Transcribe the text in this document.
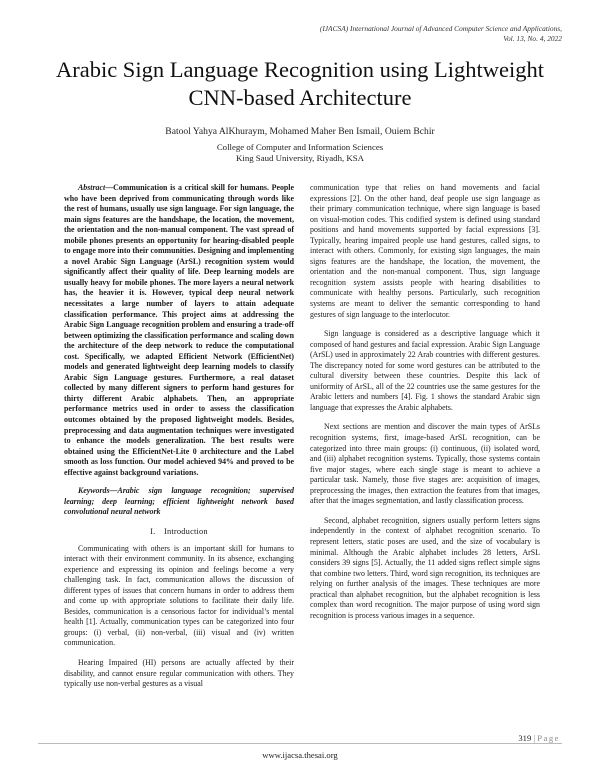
(IJACSA) International Journal of Advanced Computer Science and Applications,
Vol. 13, No. 4, 2022
Arabic Sign Language Recognition using Lightweight
CNN-based Architecture
Batool Yahya AlKhuraym, Mohamed Maher Ben Ismail, Ouiem Bchir
College of Computer and Information Sciences
King Saud University, Riyadh, KSA

Abstract—Communication is a critical skill for humans. People who have been deprived from communicating through words like the rest of humans, usually use sign language. For sign language, the main signs features are the handshape, the location, the movement, the orientation and the non-manual component. The vast spread of mobile phones presents an opportunity for hearing-disabled people to engage more into their communities. Designing and implementing a novel Arabic Sign Language (ArSL) recognition system would significantly affect their quality of life. Deep learning models are usually heavy for mobile phones. The more layers a neural network has, the heavier it is. However, typical deep neural network necessitates a large number of layers to attain adequate classification performance. This project aims at addressing the Arabic Sign Language recognition problem and ensuring a trade-off between optimizing the classification performance and scaling down the architecture of the deep network to reduce the computational cost. Specifically, we adapted Efficient Network (EfficientNet) models and generated lightweight deep learning models to classify Arabic Sign Language gestures. Furthermore, a real dataset collected by many different signers to perform hand gestures for thirty different Arabic alphabets. Then, an appropriate performance metrics used in order to assess the classification outcomes obtained by the proposed lightweight models. Besides, preprocessing and data augmentation techniques were investigated to enhance the models generalization. The best results were obtained using the EfficientNet-Lite 0 architecture and the Label smooth as loss function. Our model achieved 94% and proved to be effective against background variations.

Keywords—Arabic sign language recognition; supervised learning; deep learning; efficient lightweight network based convolutional neural network

I. Introduction

Communicating with others is an important skill for humans to interact with their environment community. In its absence, exchanging experience and expressing its opinion and feelings become a very challenging task. In fact, communication allows the discussion of different types of issues that concern humans in order to address them and come up with appropriate solutions to facilitate their daily life. Besides, communication is a censorious factor for individual’s mental health [1]. Actually, communication types can be categorized into four groups: (i) verbal, (ii) non-verbal, (iii) visual and (iv) written communication.

Hearing Impaired (HI) persons are actually affected by their disability, and cannot ensure regular communication with others. They typically use non-verbal gestures as a visual

communication type that relies on hand movements and facial expressions [2]. On the other hand, deaf people use sign language as their primary communication technique, where sign language is based on visual-motion codes. This codified system is defined using standard positions and hand movements supported by facial expressions [3]. Typically, hearing impaired people use hand gestures, called signs, to interact with others. Commonly, for existing sign languages, the main signs features are the handshape, the location, the movement, the orientation and the non-manual component. Thus, sign language recognition system assists people with hearing disabilities to communicate with healthy persons. Particularly, such recognition systems are meant to deliver the semantic corresponding to hand gestures of sign language to the interlocutor.

Sign language is considered as a descriptive language which it composed of hand gestures and facial expression. Arabic Sign Language (ArSL) used in approximately 22 Arab countries with different gestures. The discrepancy noted for some word gestures can be attributed to the cultural diversity between these countries. Despite this lack of uniformity of ArSL, all of the 22 countries use the same gestures for the Arabic letters and numbers [4]. Fig. 1 shows the standard Arabic sign language that expresses the Arabic alphabets.

Next sections are mention and discover the main types of ArSLs recognition systems, first, image-based ArSL recognition, can be categorized into three main groups: (i) continuous, (ii) isolated word, and (iii) alphabet recognition systems. Typically, those systems contain five major stages, where each single stage is meant to achieve a particular task. Namely, those five stages are: acquisition of images, preprocessing the images, then extraction the features from that images, after that the images segmentation, and lastly classification process.

Second, alphabet recognition, signers usually perform letters signs independently in the context of alphabet recognition scenario. To represent letters, static poses are used, and the size of vocabulary is minimal. Although the Arabic alphabet includes 28 letters, ArSL considers 39 signs [5]. Actually, the 11 added signs reflect simple signs that combine two letters. Third, word sign recognition, its techniques are relying on further analysis of the images. These techniques are more practical than alphabet recognition, but the alphabet recognition is less complex than word recognition. The major purpose of using word sign recognition is process various images in a sequence.

319 | Page
www.ijacsa.thesai.org
